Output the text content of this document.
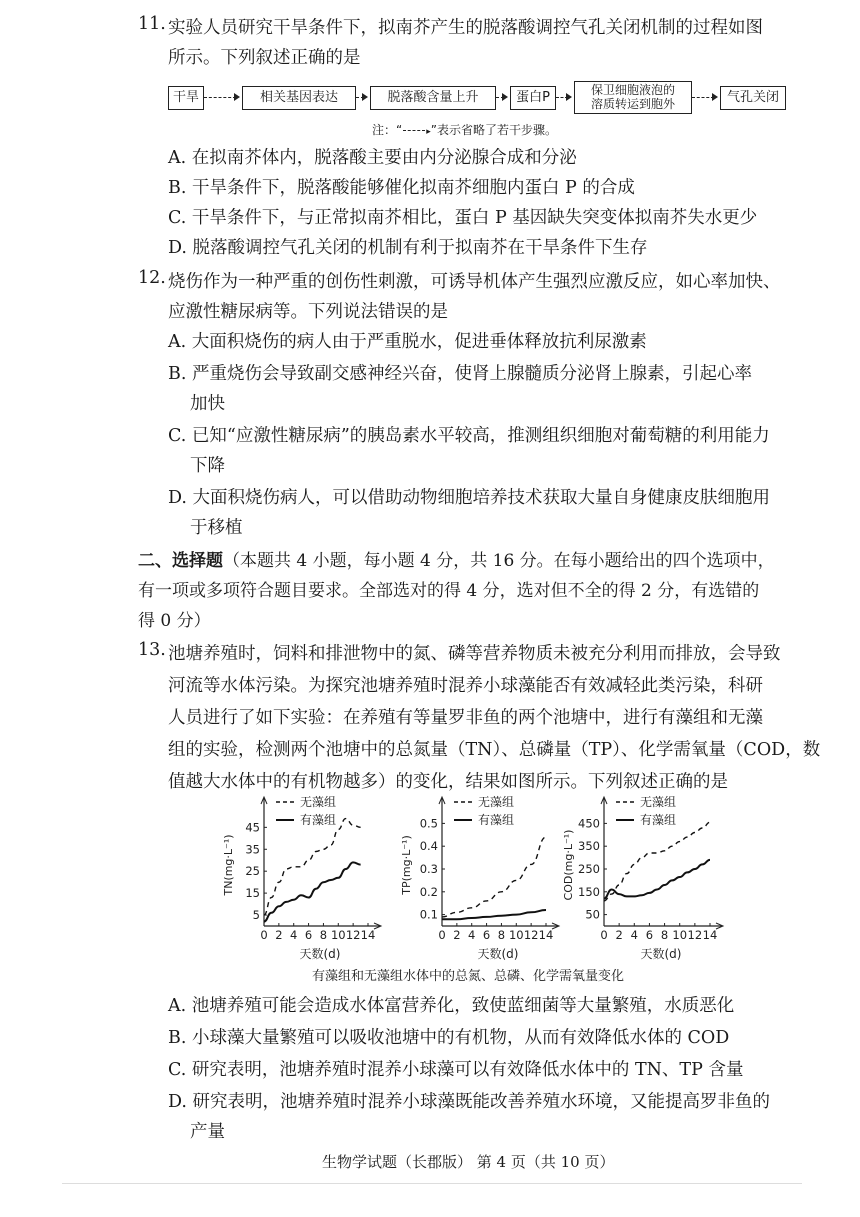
11. 实验人员研究干旱条件下，拟南芥产生的脱落酸调控气孔关闭机制的过程如图
所示。下列叙述正确的是
干旱	相关基因表达	脱落酸含量上升	蛋白P	保卫细胞液泡的
溶质转运到胞外	气孔关闭
注：“	▸”表示省略了若干步骤。
A. 在拟南芥体内，脱落酸主要由内分泌腺合成和分泌
B. 干旱条件下，脱落酸能够催化拟南芥细胞内蛋白 P 的合成
C. 干旱条件下，与正常拟南芥相比，蛋白 P 基因缺失突变体拟南芥失水更少
D. 脱落酸调控气孔关闭的机制有利于拟南芥在干旱条件下生存
12. 烧伤作为一种严重的创伤性刺激，可诱导机体产生强烈应激反应，如心率加快、
应激性糖尿病等。下列说法错误的是
A. 大面积烧伤的病人由于严重脱水，促进垂体释放抗利尿激素
B. 严重烧伤会导致副交感神经兴奋，使肾上腺髓质分泌肾上腺素，引起心率
加快
C. 已知“应激性糖尿病”的胰岛素水平较高，推测组织细胞对葡萄糖的利用能力
下降
D. 大面积烧伤病人，可以借助动物细胞培养技术获取大量自身健康皮肤细胞用
于移植
二、选择题（本题共 4 小题，每小题 4 分，共 16 分。在每小题给出的四个选项中，
有一项或多项符合题目要求。全部选对的得 4 分，选对但不全的得 2 分，有选错的
得 0 分）
13. 池塘养殖时，饲料和排泄物中的氮、磷等营养物质未被充分利用而排放，会导致
河流等水体污染。为探究池塘养殖时混养小球藻能否有效减轻此类污染，科研
人员进行了如下实验：在养殖有等量罗非鱼的两个池塘中，进行有藻组和无藻
组的实验，检测两个池塘中的总氮量（TN）、总磷量（TP）、化学需氧量（COD，数
值越大水体中的有机物越多）的变化，结果如图所示。下列叙述正确的是
0 2 4 6 8 10 12 14
5
15
25
35
45
TN(mg·L⁻¹)
天数(d)
无藻组
有藻组
0 2 4 6 8 10 12 14
0.1
0.2
0.3
0.4
0.5
TP(mg·L⁻¹)
天数(d)
无藻组
有藻组
0 2 4 6 8 10 12 14
50
150
250
350
450
COD(mg·L⁻¹)
天数(d)
无藻组
有藻组
有藻组和无藻组水体中的总氮、总磷、化学需氧量变化
A. 池塘养殖可能会造成水体富营养化，致使蓝细菌等大量繁殖，水质恶化
B. 小球藻大量繁殖可以吸收池塘中的有机物，从而有效降低水体的 COD
C. 研究表明，池塘养殖时混养小球藻可以有效降低水体中的 TN、TP 含量
D. 研究表明，池塘养殖时混养小球藻既能改善养殖水环境，又能提高罗非鱼的
产量
生物学试题（长郡版） 第 4 页（共 10 页）
